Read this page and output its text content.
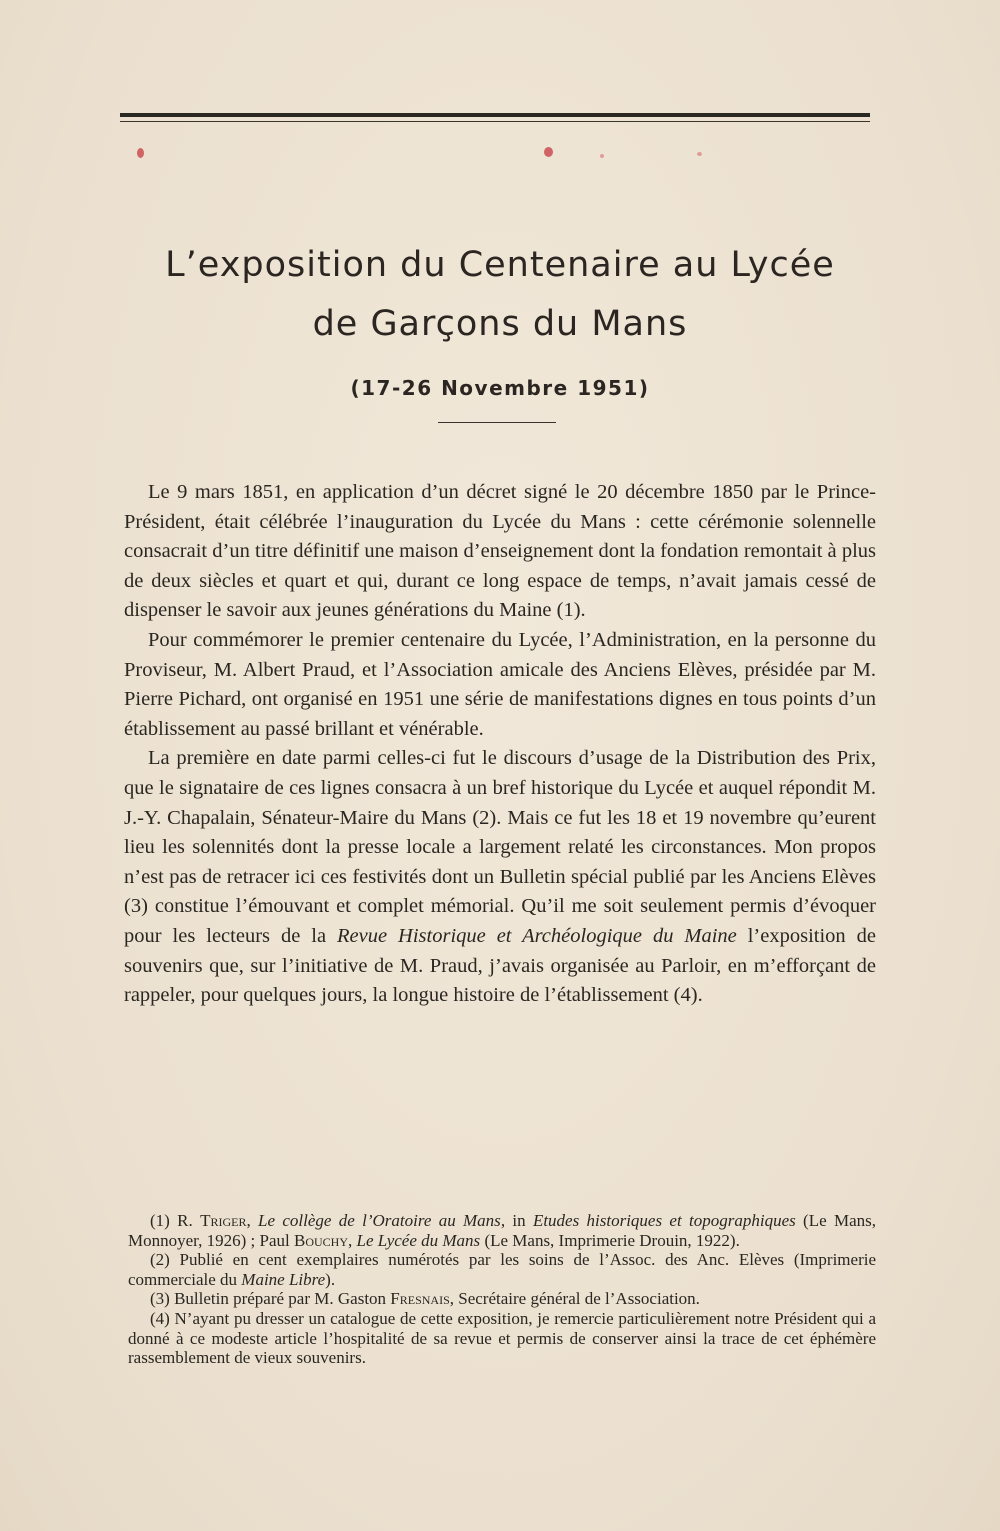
L’exposition du Centenaire au Lycée
de Garçons du Mans
(17-26 Novembre 1951)

Le 9 mars 1851, en application d’un décret signé le 20 décembre 1850 par le Prince-Président, était célébrée l’inauguration du Lycée du Mans : cette cérémonie solennelle consacrait d’un titre définitif une maison d’enseignement dont la fondation remontait à plus de deux siècles et quart et qui, durant ce long espace de temps, n’avait jamais cessé de dispenser le savoir aux jeunes générations du Maine (1).

Pour commémorer le premier centenaire du Lycée, l’Administration, en la personne du Proviseur, M. Albert Praud, et l’Association amicale des Anciens Elèves, présidée par M. Pierre Pichard, ont organisé en 1951 une série de manifestations dignes en tous points d’un établissement au passé brillant et vénérable.

La première en date parmi celles-ci fut le discours d’usage de la Distribution des Prix, que le signataire de ces lignes consacra à un bref historique du Lycée et auquel répondit M. J.-Y. Chapalain, Sénateur-Maire du Mans (2). Mais ce fut les 18 et 19 novembre qu’eurent lieu les solennités dont la presse locale a largement relaté les circonstances. Mon propos n’est pas de retracer ici ces festivités dont un Bulletin spécial publié par les Anciens Elèves (3) constitue l’émouvant et complet mémorial. Qu’il me soit seulement permis d’évoquer pour les lecteurs de la Revue Historique et Archéologique du Maine l’exposition de souvenirs que, sur l’initiative de M. Praud, j’avais organisée au Parloir, en m’efforçant de rappeler, pour quelques jours, la longue histoire de l’établissement (4).

(1) R. Triger, Le collège de l’Oratoire au Mans, in Etudes historiques et topographiques (Le Mans, Monnoyer, 1926) ; Paul Bouchy, Le Lycée du Mans (Le Mans, Imprimerie Drouin, 1922).

(2) Publié en cent exemplaires numérotés par les soins de l’Assoc. des Anc. Elèves (Imprimerie commerciale du Maine Libre).

(3) Bulletin préparé par M. Gaston Fresnais, Secrétaire général de l’Association.

(4) N’ayant pu dresser un catalogue de cette exposition, je remercie particulièrement notre Président qui a donné à ce modeste article l’hospitalité de sa revue et permis de conserver ainsi la trace de cet éphémère rassemblement de vieux souvenirs.
